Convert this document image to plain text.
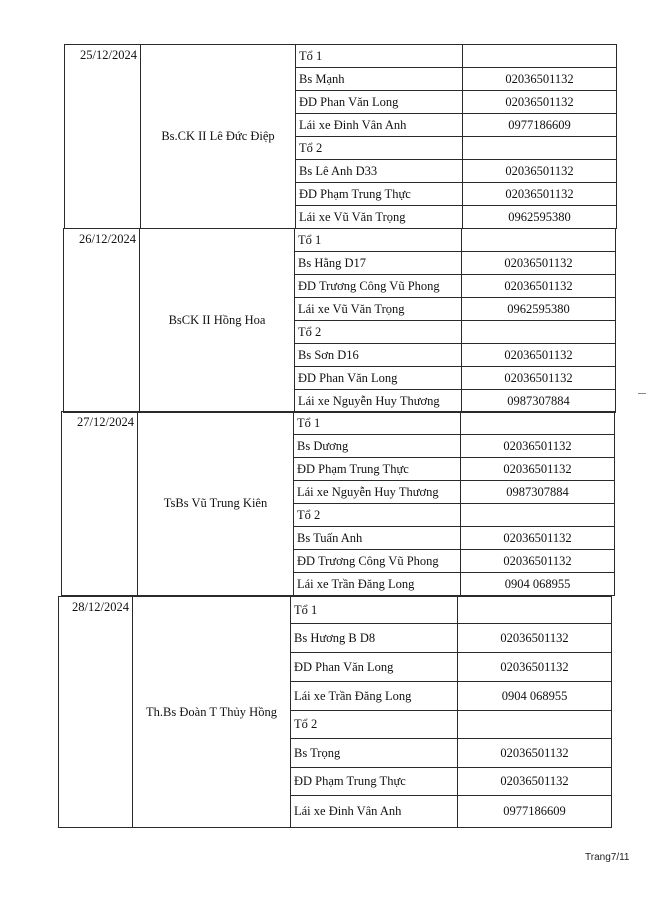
25/12/2024	Bs.CK II Lê Đức Điệp	Tổ 1	
		Bs Mạnh	02036501132
		ĐD Phan Văn Long	02036501132
		Lái xe Đinh Vân Anh	0977186609
		Tổ 2	
		Bs Lê Anh D33	02036501132
		ĐD Phạm Trung Thực	02036501132
		Lái xe Vũ Văn Trọng	0962595380
26/12/2024	BsCK II Hồng Hoa	Tổ 1	
		Bs Hằng D17	02036501132
		ĐD Trương Công Vũ Phong	02036501132
		Lái xe Vũ Văn Trọng	0962595380
		Tổ 2	
		Bs Sơn D16	02036501132
		ĐD Phan Văn Long	02036501132
		Lái xe Nguyễn Huy Thương	0987307884
27/12/2024	TsBs Vũ Trung Kiên	Tổ 1	
		Bs Dương	02036501132
		ĐD Phạm Trung Thực	02036501132
		Lái xe Nguyễn Huy Thương	0987307884
		Tổ 2	
		Bs Tuấn Anh	02036501132
		ĐD Trương Công Vũ Phong	02036501132
		Lái xe Trần Đăng Long	0904 068955
28/12/2024	Th.Bs Đoàn T Thủy Hồng	Tổ 1	
		Bs Hương B D8	02036501132
		ĐD Phan Văn Long	02036501132
		Lái xe Trần Đăng Long	0904 068955
		Tổ 2	
		Bs Trọng	02036501132
		ĐD Phạm Trung Thực	02036501132
		Lái xe Đinh Vân Anh	0977186609
Trang7/11
